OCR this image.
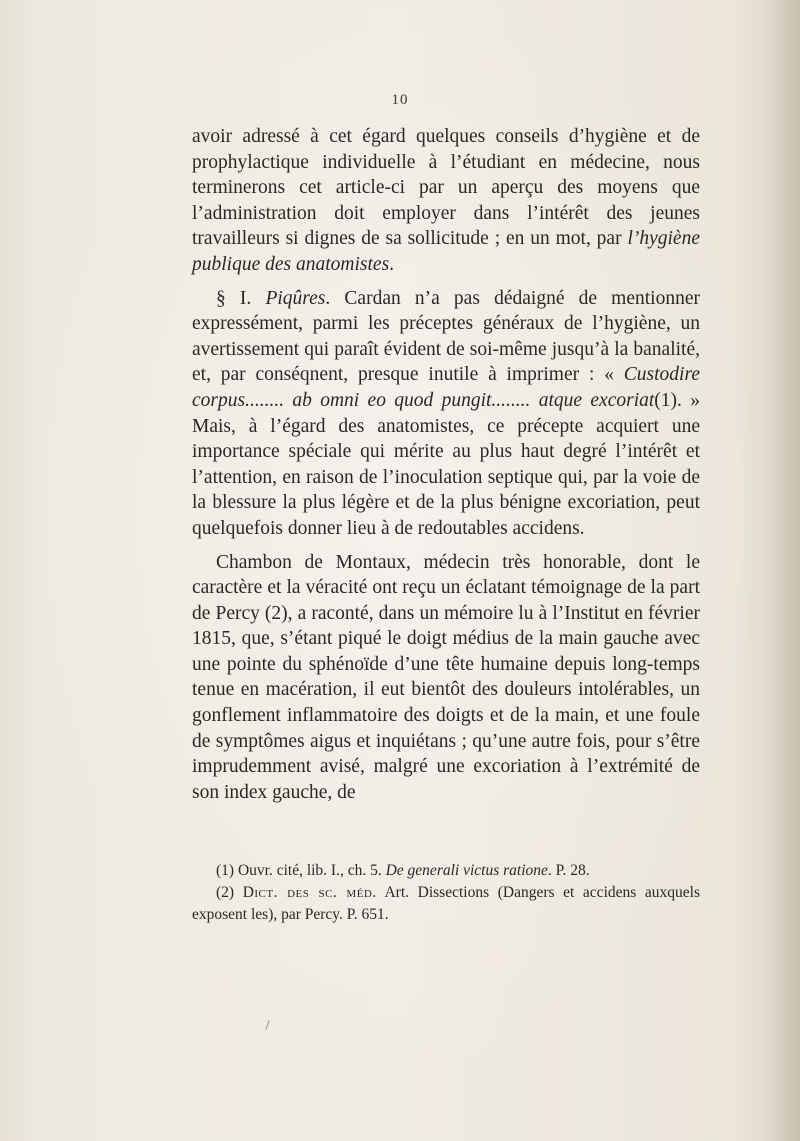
10

avoir adressé à cet égard quelques conseils d’hygiène et de prophylactique individuelle à l’étudiant en médecine, nous terminerons cet article-ci par un aperçu des moyens que l’administration doit employer dans l’intérêt des jeunes travailleurs si dignes de sa sollicitude ; en un mot, par l’hygiène publique des anatomistes.

§ I. Piqûres. Cardan n’a pas dédaigné de mentionner expressément, parmi les préceptes généraux de l’hygiène, un avertissement qui paraît évident de soi-même jusqu’à la banalité, et, par conséqnent, presque inutile à imprimer : « Custodire corpus........ ab omni eo quod pungit........ atque excoriat(1). » Mais, à l’égard des anatomistes, ce précepte acquiert une importance spéciale qui mérite au plus haut degré l’intérêt et l’attention, en raison de l’inoculation septique qui, par la voie de la blessure la plus légère et de la plus bénigne excoriation, peut quelquefois donner lieu à de redoutables accidens.

Chambon de Montaux, médecin très honorable, dont le caractère et la véracité ont reçu un éclatant témoignage de la part de Percy (2), a raconté, dans un mémoire lu à l’Institut en février 1815, que, s’étant piqué le doigt médius de la main gauche avec une pointe du sphénoïde d’une tête humaine depuis long-temps tenue en macération, il eut bientôt des douleurs intolérables, un gonflement inflammatoire des doigts et de la main, et une foule de symptômes aigus et inquiétans ; qu’une autre fois, pour s’être imprudemment avisé, malgré une excoriation à l’extrémité de son index gauche, de

(1) Ouvr. cité, lib. I., ch. 5. De generali victus ratione. P. 28.

(2) Dict. des sc. méd. Art. Dissections (Dangers et accidens auxquels exposent les), par Percy. P. 651.
